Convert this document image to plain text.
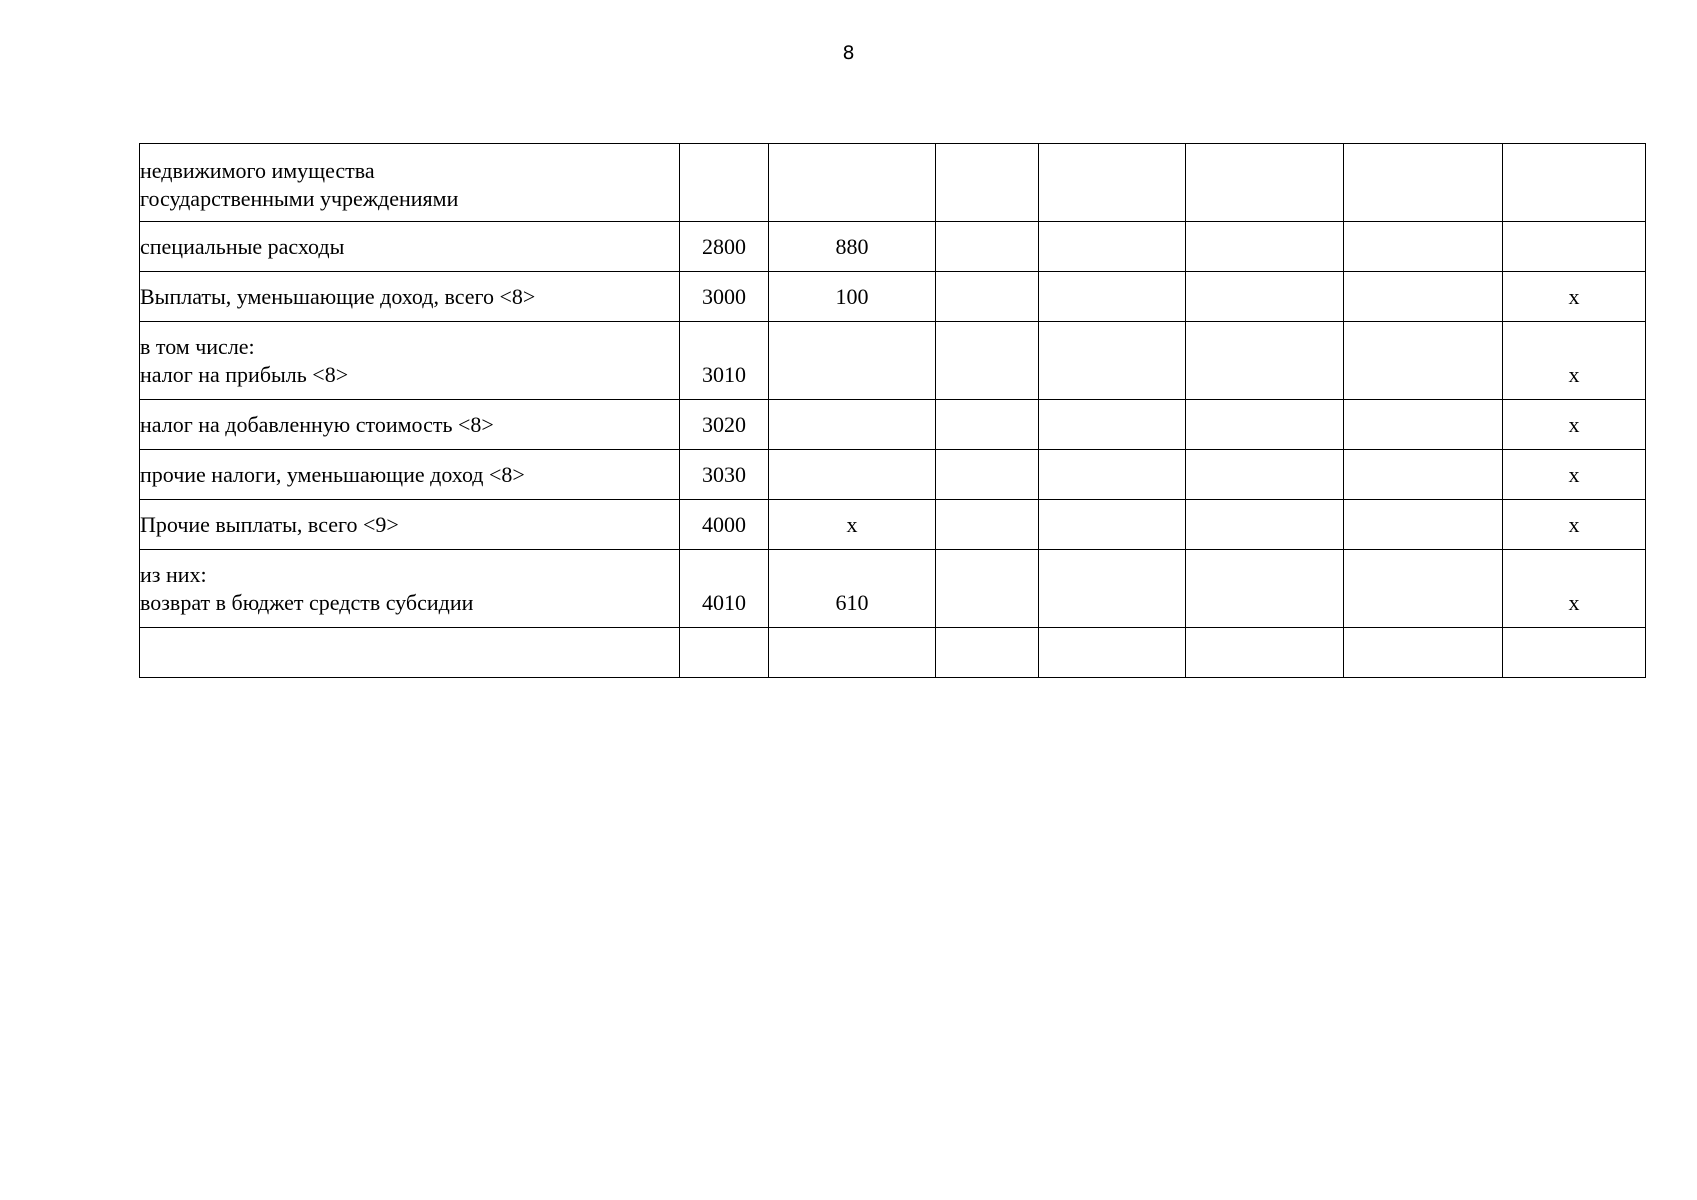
8
недвижимого имущества
государственными учреждениями							

специальные расходы	2800	880					

Выплаты, уменьшающие доход, всего <8>	3000	100					х

в том числе:
налог на прибыль <8>	3010						х

налог на добавленную стоимость <8>	3020						х

прочие налоги, уменьшающие доход <8>	3030						х

Прочие выплаты, всего <9>	4000	х					х

из них:
возврат в бюджет средств субсидии	4010	610					х
